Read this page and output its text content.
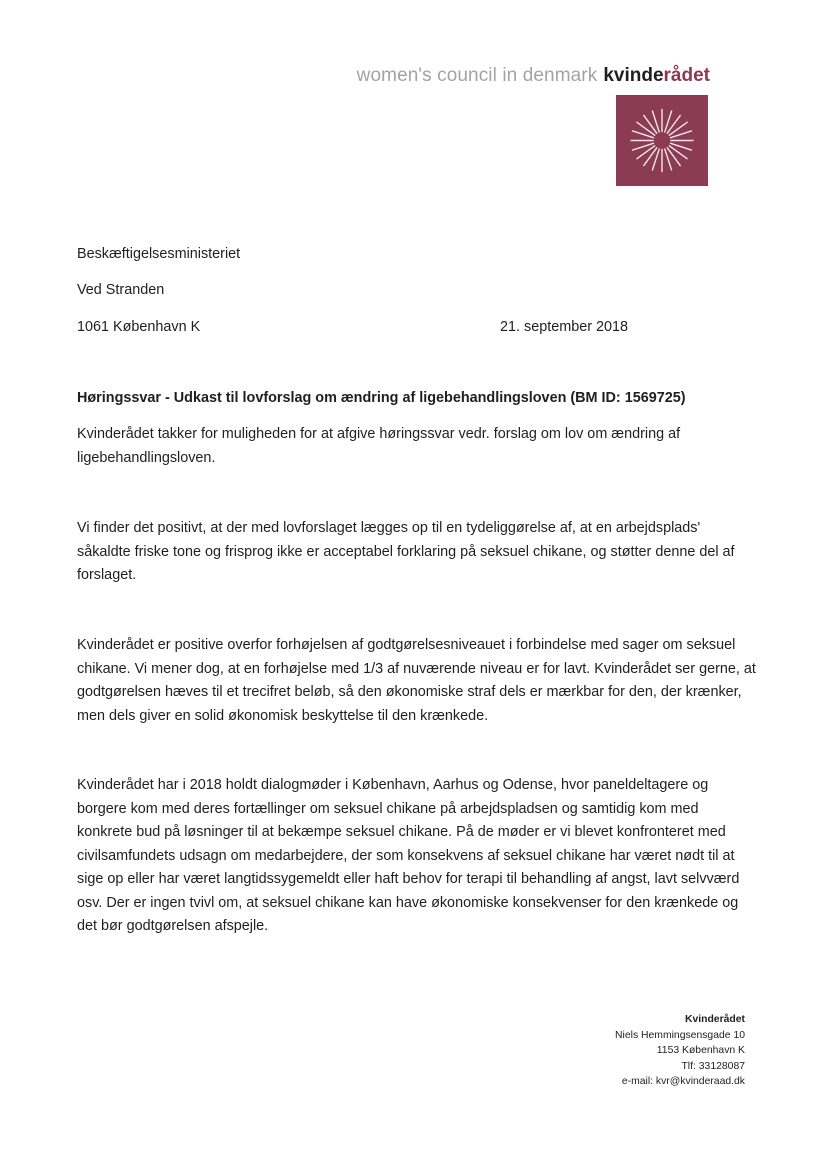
women's council in denmark kvinderådet

Beskæftigelsesministeriet

Ved Stranden

1061 København K	21. september 2018

Høringssvar - Udkast til lovforslag om ændring af ligebehandlingsloven (BM ID: 1569725)

Kvinderådet takker for muligheden for at afgive høringssvar vedr. forslag om lov om ændring af ligebehandlingsloven.

Vi finder det positivt, at der med lovforslaget lægges op til en tydeliggørelse af, at en arbejdsplads' såkaldte friske tone og frisprog ikke er acceptabel forklaring på seksuel chikane, og støtter denne del af forslaget.

Kvinderådet er positive overfor forhøjelsen af godtgørelsesniveauet i forbindelse med sager om seksuel chikane. Vi mener dog, at en forhøjelse med 1/3 af nuværende niveau er for lavt. Kvinderådet ser gerne, at godtgørelsen hæves til et trecifret beløb, så den økonomiske straf dels er mærkbar for den, der krænker, men dels giver en solid økonomisk beskyttelse til den krænkede.

Kvinderådet har i 2018 holdt dialogmøder i København, Aarhus og Odense, hvor paneldeltagere og borgere kom med deres fortællinger om seksuel chikane på arbejdspladsen og samtidig kom med konkrete bud på løsninger til at bekæmpe seksuel chikane. På de møder er vi blevet konfronteret med civilsamfundets udsagn om medarbejdere, der som konsekvens af seksuel chikane har været nødt til at sige op eller har været langtidssygemeldt eller haft behov for terapi til behandling af angst, lavt selvværd osv. Der er ingen tvivl om, at seksuel chikane kan have økonomiske konsekvenser for den krænkede og det bør godtgørelsen afspejle.

Kvinderådet
Niels Hemmingsensgade 10
1153 København K
Tlf: 33128087
e-mail: kvr@kvinderaad.dk
